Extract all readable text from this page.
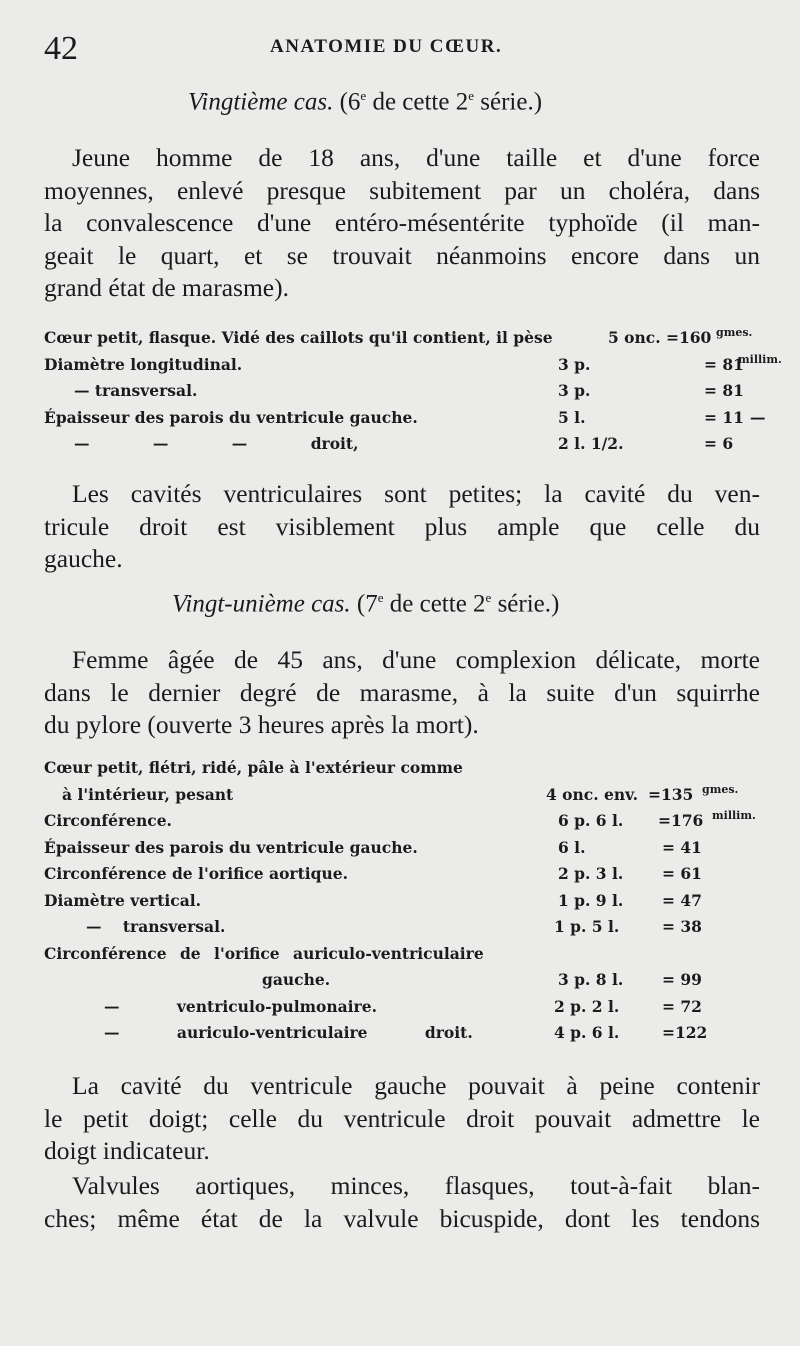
42	ANATOMIE DU CŒUR.
Vingtième cas. (6e de cette 2e série.)
Jeune homme de 18 ans, d'une taille et d'une force
moyennes, enlevé presque subitement par un choléra, dans
la convalescence d'une entéro-mésentérite typhoïde (il man-
geait le quart, et se trouvait néanmoins encore dans un
grand état de marasme).
Cœur petit, flasque. Vidé des caillots qu'il contient, il pèse	5 onc. =160 gmes.
Diamètre longitudinal.	3 p.	= 81
millim.
— transversal.	3 p.	= 81
Épaisseur des parois du ventricule gauche.	5 l.	= 11 —
— — — droit,	2 l. 1/2.	= 6
Les cavités ventriculaires sont petites; la cavité du ven-
tricule droit est visiblement plus ample que celle du
gauche.
Vingt-unième cas. (7e de cette 2e série.)
Femme âgée de 45 ans, d'une complexion délicate, morte
dans le dernier degré de marasme, à la suite d'un squirrhe
du pylore (ouverte 3 heures après la mort).
Cœur petit, flétri, ridé, pâle à l'extérieur comme
à l'intérieur, pesant	4 onc. env. =135 gmes.
Circonférence.	6 p. 6 l. =176 millim.
Épaisseur des parois du ventricule gauche.	6 l.	= 41
Circonférence de l'orifice aortique.	2 p. 3 l. = 61
Diamètre vertical.	1 p. 9 l. = 47
— transversal.	1 p. 5 l.	= 38
Circonférence de l'orifice auriculo-ventriculaire
gauche.	3 p. 8 l. = 99
— ventriculo-pulmonaire.	2 p. 2 l.	= 72
— auriculo-ventriculaire droit.	4 p. 6 l.	=122
La cavité du ventricule gauche pouvait à peine contenir
le petit doigt; celle du ventricule droit pouvait admettre le
doigt indicateur.
Valvules aortiques, minces, flasques, tout-à-fait blan-
ches; même état de la valvule bicuspide, dont les tendons
